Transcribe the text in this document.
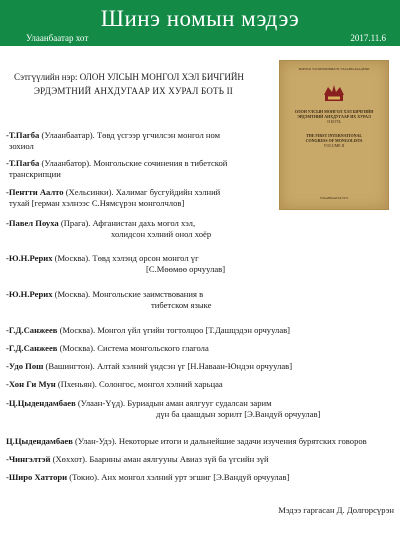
Шинэ номын мэдээ
Улаанбаатар хот	2017.11.6
Сэтгүүлийн нэр: ОЛОН УЛСЫН МОНГОЛ ХЭЛ БИЧГИЙН
ЭРДЭМТНИЙ АНХДУГААР ИХ ХУРАЛ БОТЬ II
МОНГОЛ УЛСЫН ШИНЖЛЭХ УХААНЫ АКАДЕМИ
ОЛОН УЛСЫН МОНГОЛ ХЭЛ БИЧГИЙН
ЭРДЭМТНИЙ АНХДУГААР ИХ ХУРАЛ
II БОТЬ
THE FIRST INTERNATIONAL
CONGRESS OF MONGOLISTS
VOLUME II
УЛААНБААТАР 1973
-Т.Пагба (Улаанбаатар). Төвд үсгээр үгчилсэн монгол ном
зохиол
-Т.Пагба (Улаанбатор). Монгольские сочинения в тибетской
транскрипции
-Пентти Аалто (Хельсинки). Халимаг бусгуйдийн хэлний
тухай [герман хэлнээс С.Нямсүрэн монголчлов]
-Павел Поуха (Прага). Афганистан дахь могол хэл,
холидсон хэлний онол хоёр
-Ю.Н.Рерих (Москва). Төвд хэлэнд орсон монгол үг
[С.Мөөмөө орчуулав]
-Ю.Н.Рерих (Москва). Монгольские заимствования в
тибетском языке
-Г.Д.Санжеев (Москва). Монгол үйл үгийн тогтолцоо [Т.Дашцэдэн орчуулав]
-Г.Д.Санжеев (Москва). Система монгольского глагола
-Удо Пош (Вашингтон). Алтай хэлний үндсэн үг [Н.Наваан-Юндэн орчуулав]
-Хон Ги Мун (Пхеньян). Солонгос, монгол хэлний харьцаа
-Ц.Цыдендамбаев (Улаан-Үүд). Буриадын аман аялгууг судалсан зарим
дүн ба цаашдын зорилт [Э.Вандуй орчуулав]
Ц.Цыдендамбаев (Улан-Удэ). Некоторые итоги и дальнейшие задачи изучения бурятских говоров
-Чингэлтэй (Хөххот). Баарины аман аялгууны Авиаз зүй ба үгсийн зүй
-Широ Хаттори (Токио). Анх монгол хэлний урт эгшиг [Э.Вандуй орчуулав]
Мэдээ гаргасан Д. Долгорсүрэн
